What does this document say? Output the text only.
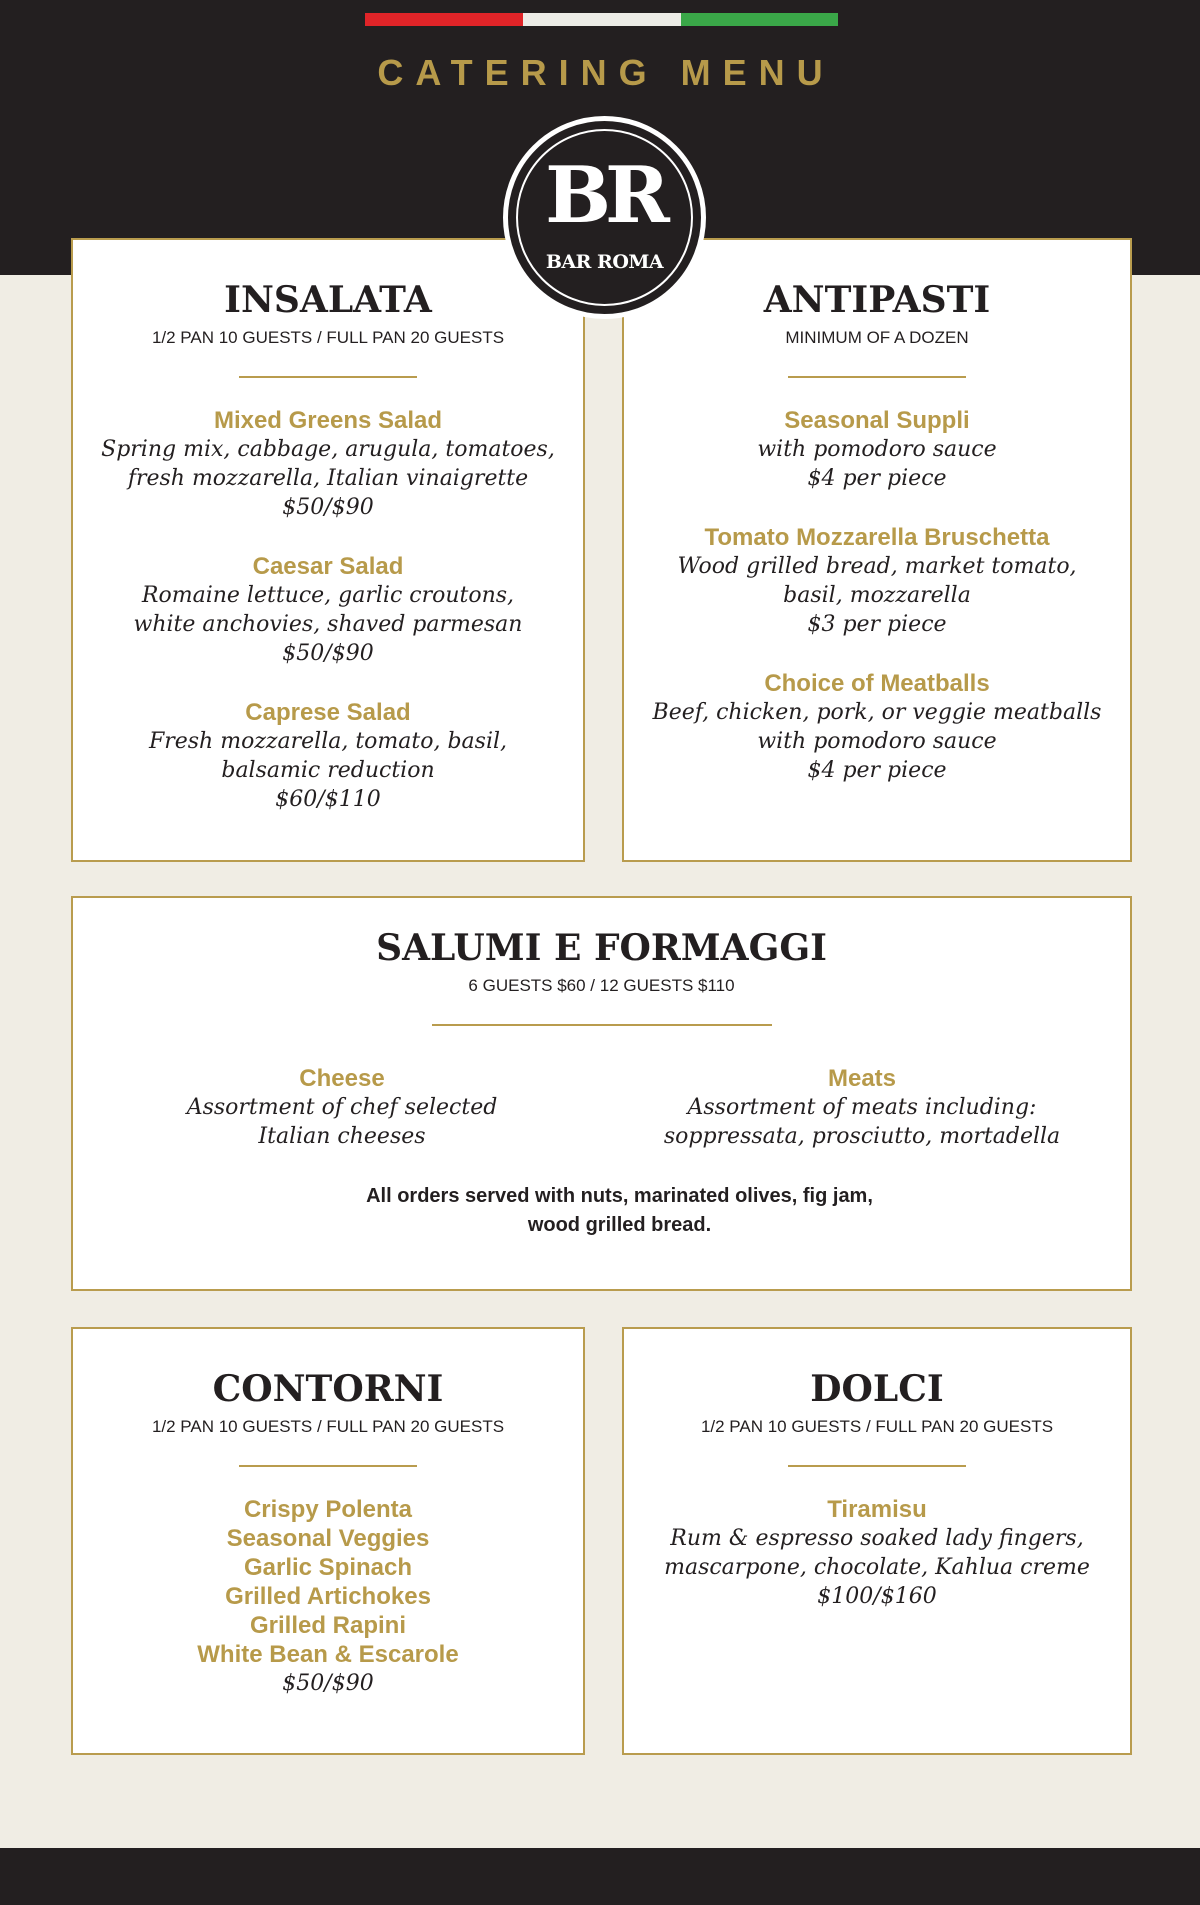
CATERING MENU
INSALATA
1/2 PAN 10 GUESTS / FULL PAN 20 GUESTS
Mixed Greens Salad
Spring mix, cabbage, arugula, tomatoes,
fresh mozzarella, Italian vinaigrette
$50/$90
Caesar Salad
Romaine lettuce, garlic croutons,
white anchovies, shaved parmesan
$50/$90
Caprese Salad
Fresh mozzarella, tomato, basil,
balsamic reduction
$60/$110
ANTIPASTI
MINIMUM OF A DOZEN
Seasonal Suppli
with pomodoro sauce
$4 per piece
Tomato Mozzarella Bruschetta
Wood grilled bread, market tomato,
basil, mozzarella
$3 per piece
Choice of Meatballs
Beef, chicken, pork, or veggie meatballs
with pomodoro sauce
$4 per piece
BR
BAR ROMA
SALUMI E FORMAGGI
6 GUESTS $60 / 12 GUESTS $110
Cheese
Assortment of chef selected
Italian cheeses
Meats
Assortment of meats including:
soppressata, prosciutto, mortadella
All orders served with nuts, marinated olives, fig jam,
wood grilled bread.
CONTORNI
1/2 PAN 10 GUESTS / FULL PAN 20 GUESTS
Crispy Polenta
Seasonal Veggies
Garlic Spinach
Grilled Artichokes
Grilled Rapini
White Bean & Escarole
$50/$90
DOLCI
1/2 PAN 10 GUESTS / FULL PAN 20 GUESTS
Tiramisu
Rum & espresso soaked lady fingers,
mascarpone, chocolate, Kahlua creme
$100/$160
